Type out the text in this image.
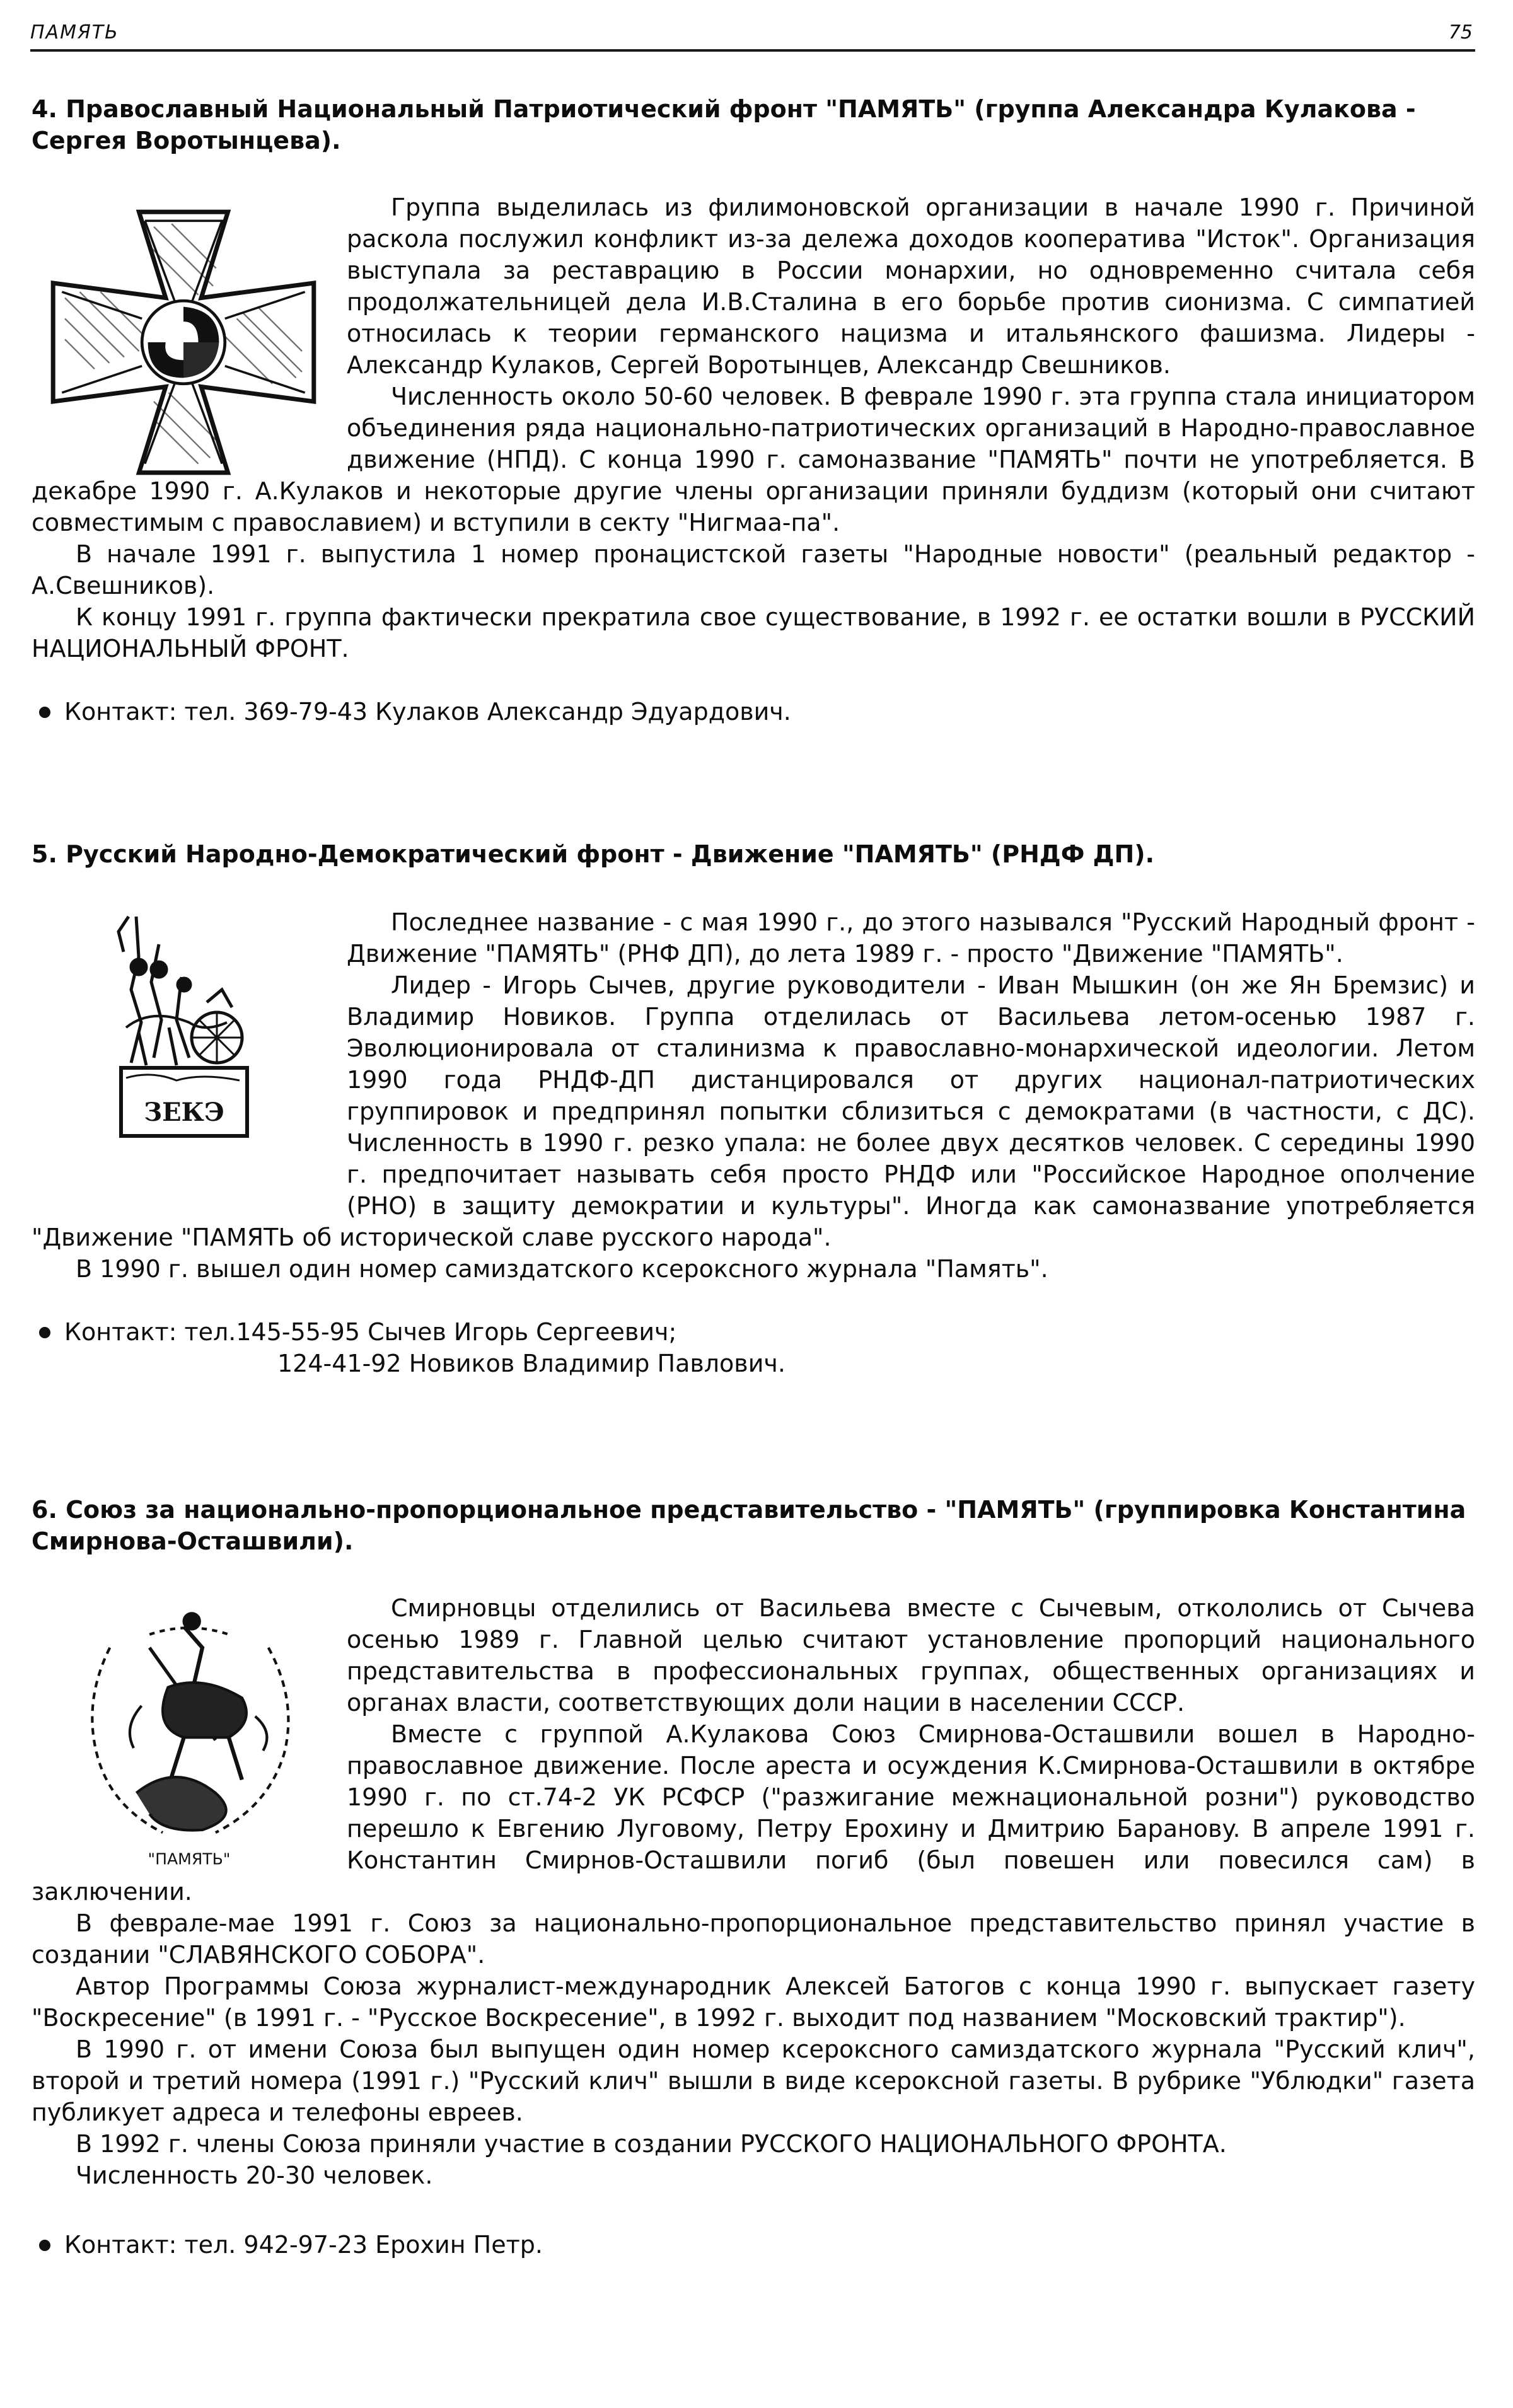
ПАМЯТЬ	75

4. Православный Национальный Патриотический фронт "ПАМЯТЬ" (группа Александра Кулакова - Сергея Воротынцева).

Группа выделилась из филимоновской организации в начале 1990 г. Причиной раскола послужил конфликт из-за дележа доходов кооператива "Исток". Организация выступала за реставрацию в России монархии, но одновременно считала себя продолжательницей дела И.В.Сталина в его борьбе против сионизма. С симпатией относилась к теории германского нацизма и итальянского фашизма. Лидеры - Александр Кулаков, Сергей Воротынцев, Александр Свешников.

Численность около 50-60 человек. В феврале 1990 г. эта группа стала инициатором объединения ряда национально-патриотических организаций в Народно-православное движение (НПД). С конца 1990 г. самоназвание "ПАМЯТЬ" почти не употребляется. В декабре 1990 г. А.Кулаков и некоторые другие члены организации приняли буддизм (который они считают совместимым с православием) и вступили в секту "Нигмаа-па".

В начале 1991 г. выпустила 1 номер пронацистской газеты "Народные новости" (реальный редактор - А.Свешников).

К концу 1991 г. группа фактически прекратила свое существование, в 1992 г. ее остатки вошли в РУССКИЙ НАЦИОНАЛЬНЫЙ ФРОНТ.

Контакт: тел. 369-79-43 Кулаков Александр Эдуардович.

5. Русский Народно-Демократический фронт - Движение "ПАМЯТЬ" (РНДФ ДП).

ЗЕКЭ

Последнее название - с мая 1990 г., до этого назывался "Русский Народный фронт - Движение "ПАМЯТЬ" (РНФ ДП), до лета 1989 г. - просто "Движение "ПАМЯТЬ".

Лидер - Игорь Сычев, другие руководители - Иван Мышкин (он же Ян Бремзис) и Владимир Новиков. Группа отделилась от Васильева летом-осенью 1987 г. Эволюционировала от сталинизма к православно-монархической идеологии. Летом 1990 года РНДФ-ДП дистанцировался от других национал-патриотических группировок и предпринял попытки сблизиться с демократами (в частности, с ДС). Численность в 1990 г. резко упала: не более двух десятков человек. С середины 1990 г. предпочитает называть себя просто РНДФ или "Российское Народное ополчение (РНО) в защиту демократии и культуры". Иногда как самоназвание употребляется "Движение "ПАМЯТЬ об исторической славе русского народа".

В 1990 г. вышел один номер самиздатского ксероксного журнала "Память".

Контакт: тел.145-55-95 Сычев Игорь Сергеевич;

124-41-92 Новиков Владимир Павлович.

6. Союз за национально-пропорциональное представительство - "ПАМЯТЬ" (группировка Константина Смирнова-Осташвили).

"ПАМЯТЬ"

Смирновцы отделились от Васильева вместе с Сычевым, откололись от Сычева осенью 1989 г. Главной целью считают установление пропорций национального представительства в профессиональных группах, общественных организациях и органах власти, соответствующих доли нации в населении СССР.

Вместе с группой А.Кулакова Союз Смирнова-Осташвили вошел в Народно-православное движение. После ареста и осуждения К.Смирнова-Осташвили в октябре 1990 г. по ст.74-2 УК РСФСР ("разжигание межнациональной розни") руководство перешло к Евгению Луговому, Петру Ерохину и Дмитрию Барановy. В апреле 1991 г. Константин Смирнов-Осташвили погиб (был повешен или повесился сам) в заключении.

В феврале-мае 1991 г. Союз за национально-пропорциональное представительство принял участие в создании "СЛАВЯНСКОГО СОБОРА".

Автор Программы Союза журналист-международник Алексей Батогов с конца 1990 г. выпускает газету "Воскресение" (в 1991 г. - "Русское Воскресение", в 1992 г. выходит под названием "Московский трактир").

В 1990 г. от имени Союза был выпущен один номер ксероксного самиздатского журнала "Русский клич", второй и третий номера (1991 г.) "Русский клич" вышли в виде ксероксной газеты. В рубрике "Ублюдки" газета публикует адреса и телефоны евреев.

В 1992 г. члены Союза приняли участие в создании РУССКОГО НАЦИОНАЛЬНОГО ФРОНТА.

Численность 20-30 человек.

Контакт: тел. 942-97-23 Ерохин Петр.
